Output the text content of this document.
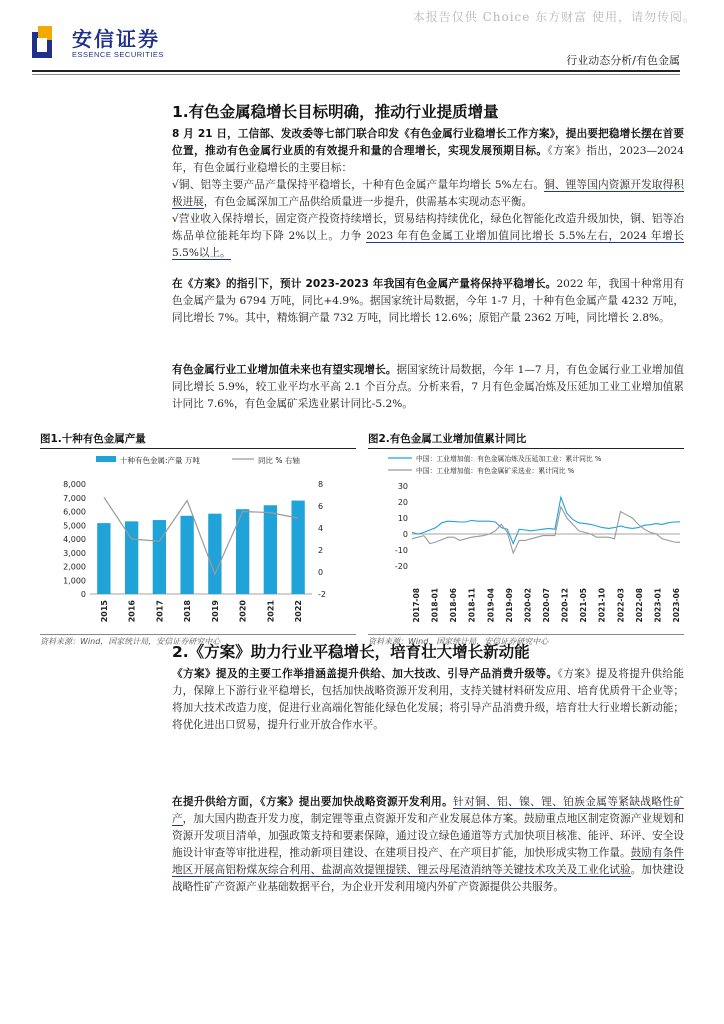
本报告仅供 Choice 东方财富 使用，请勿传阅。
安信证券
ESSENCE SECURITIES	行业动态分析/有色金属
1.有色金属稳增长目标明确，推动行业提质增量
8 月 21 日，工信部、发改委等七部门联合印发《有色金属行业稳增长工作方案》，提出要把稳增长摆在首要位置，推动有色金属行业质的有效提升和量的合理增长，实现发展预期目标。《方案》指出，2023—2024 年，有色金属行业稳增长的主要目标：
√铜、铝等主要产品产量保持平稳增长，十种有色金属产量年均增长 5%左右。铜、锂等国内资源开发取得积极进展，有色金属深加工产品供给质量进一步提升，供需基本实现动态平衡。
√营业收入保持增长，固定资产投资持续增长，贸易结构持续优化，绿色化智能化改造升级加快，铜、铝等冶炼品单位能耗年均下降 2%以上。力争 2023 年有色金属工业增加值同比增长 5.5%左右，2024 年增长 5.5%以上。
在《方案》的指引下，预计 2023-2023 年我国有色金属产量将保持平稳增长。2022 年，我国十种常用有色金属产量为 6794 万吨，同比+4.9%。据国家统计局数据，今年 1-7 月，十种有色金属产量 4232 万吨，同比增长 7%。其中，精炼铜产量 732 万吨，同比增长 12.6%；原铝产量 2362 万吨，同比增长 2.8%。
有色金属行业工业增加值未来也有望实现增长。据国家统计局数据，今年 1—7 月，有色金属行业工业增加值同比增长 5.9%，较工业平均水平高 2.1 个百分点。分析来看，7 月有色金属冶炼及压延加工业工业增加值累计同比 7.6%，有色金属矿采选业累计同比-5.2%。
图1.十种有色金属产量
十种有色金属:产量 万吨	同比 % 右轴
0
1,000
2,000
3,000
4,000
5,000
6,000
7,000
8,000
-2
0
2
4
6
8
2015 2016 2017 2018 2019 2020 2021 2022
资料来源：Wind，国家统计局，安信证券研究中心
图2.有色金属工业增加值累计同比
中国：工业增加值：有色金属冶炼及压延加工业：累计同比 %
中国：工业增加值：有色金属矿采选业：累计同比 %
-20
-10
0
10
20
30
2017-08 2018-01 2018-06 2018-11 2019-04 2019-09 2020-02 2020-07 2020-12 2021-05 2021-10 2022-03 2022-08 2023-01 2023-06
资料来源：Wind，国家统计局，安信证券研究中心
2.《方案》助力行业平稳增长，培育壮大增长新动能
《方案》提及的主要工作举措涵盖提升供给、加大技改、引导产品消费升级等。《方案》提及将提升供给能力，保障上下游行业平稳增长，包括加快战略资源开发利用，支持关键材料研发应用、培育优质骨干企业等；将加大技术改造力度，促进行业高端化智能化绿色化发展；将引导产品消费升级，培育壮大行业增长新动能；将优化进出口贸易，提升行业开放合作水平。
在提升供给方面，《方案》提出要加快战略资源开发利用。针对铜、铝、镍、锂、铂族金属等紧缺战略性矿产，加大国内勘查开发力度，制定锂等重点资源开发和产业发展总体方案。鼓励重点地区制定资源产业规划和资源开发项目清单，加强政策支持和要素保障，通过设立绿色通道等方式加快项目核准、能评、环评、安全设施设计审查等审批进程，推动新项目建设、在建项目投产、在产项目扩能，加快形成实物工作量。鼓励有条件地区开展高铝粉煤灰综合利用、盐湖高效提锂提镁、锂云母尾渣消纳等关键技术攻关及工业化试验。加快建设战略性矿产资源产业基础数据平台，为企业开发利用境内外矿产资源提供公共服务。
